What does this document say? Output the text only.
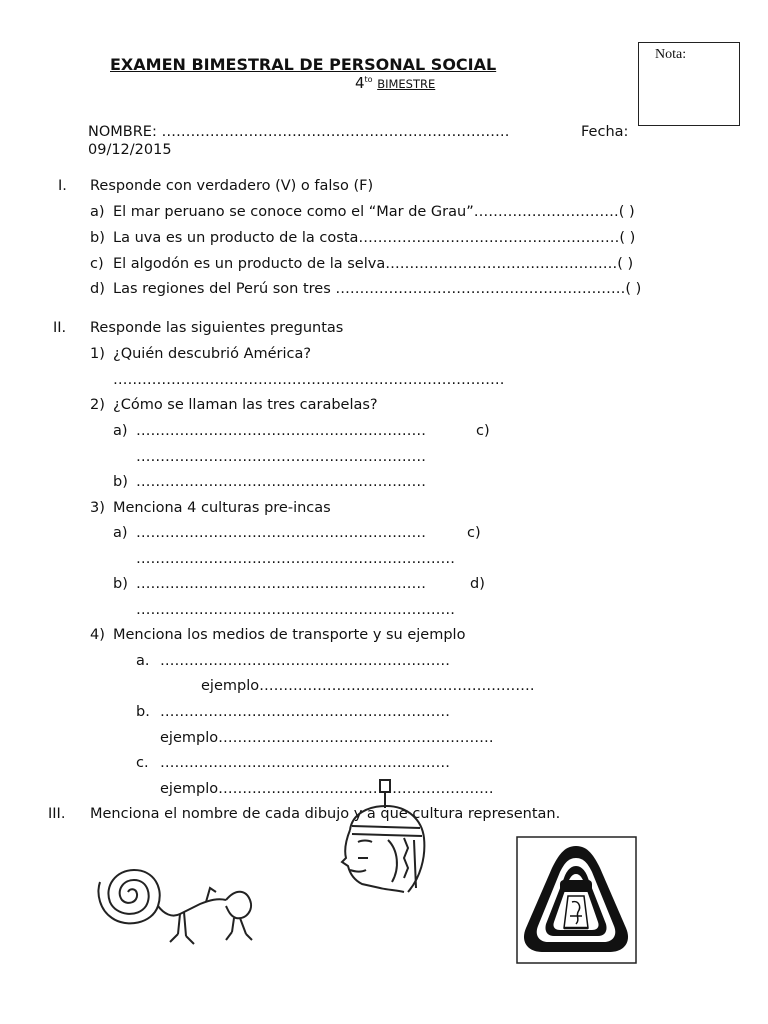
EXAMEN BIMESTRAL DE PERSONAL SOCIAL
$4^{to}$ BIMESTRE
Nota:
NOMBRE: ………………………………………………………………	Fecha:
09/12/2015
I. Responde con verdadero (V) o falso (F)
a) El mar peruano se conoce como el “Mar de Grau”…………………………( )
b) La uva es un producto de la costa………………………………………………( )
c) El algodón es un producto de la selva…………………………………………( )
d) Las regiones del Perú son tres ……………………………………………………( )
II. Responde las siguientes preguntas
1) ¿Quién descubrió América?
………………………………………………………………………
2) ¿Cómo se llaman las tres carabelas?
a) ……………………………………………………	c)
……………………………………………………
b) ……………………………………………………
3) Menciona 4 culturas pre-incas
a) ……………………………………………………	c)
…………………………………………………………
b) ……………………………………………………	d)
…………………………………………………………
4) Menciona los medios de transporte y su ejemplo
a. ……………………………………………………
ejemplo…………………………………………………
b. ……………………………………………………
ejemplo…………………………………………………
c. ……………………………………………………
ejemplo…………………………………………………
III. Menciona el nombre de cada dibujo y a que cultura representan.
